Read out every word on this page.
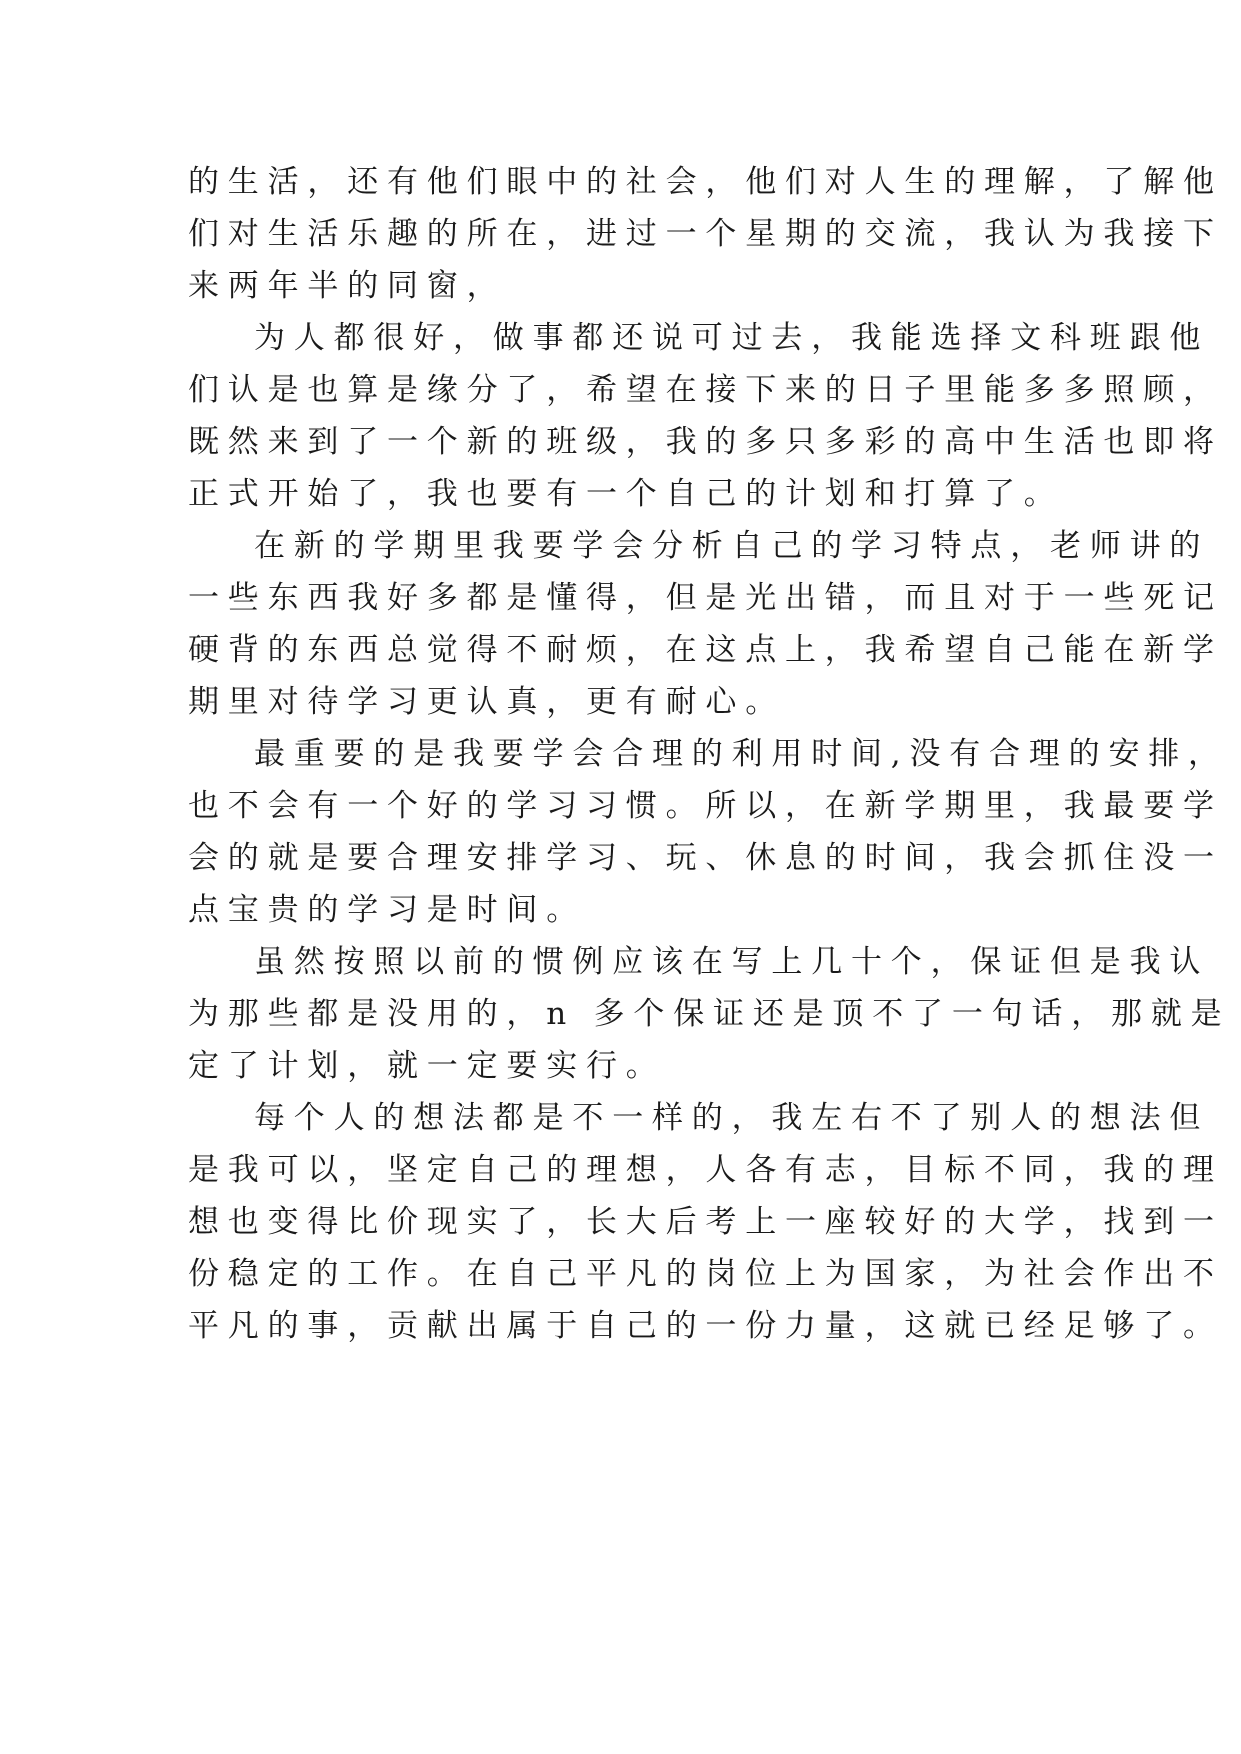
的生活，还有他们眼中的社会，他们对人生的理解，了解他
们对生活乐趣的所在，进过一个星期的交流，我认为我接下
来两年半的同窗，
为人都很好，做事都还说可过去，我能选择文科班跟他
们认是也算是缘分了，希望在接下来的日子里能多多照顾，
既然来到了一个新的班级，我的多只多彩的高中生活也即将
正式开始了，我也要有一个自己的计划和打算了。
在新的学期里我要学会分析自己的学习特点，老师讲的
一些东西我好多都是懂得，但是光出错，而且对于一些死记
硬背的东西总觉得不耐烦，在这点上，我希望自己能在新学
期里对待学习更认真，更有耐心。
最重要的是我要学会合理的利用时间,没有合理的安排，
也不会有一个好的学习习惯。所以，在新学期里，我最要学
会的就是要合理安排学习、玩、休息的时间，我会抓住没一
点宝贵的学习是时间。
虽然按照以前的惯例应该在写上几十个，保证但是我认
为那些都是没用的，n 多个保证还是顶不了一句话，那就是
定了计划，就一定要实行。
每个人的想法都是不一样的，我左右不了别人的想法但
是我可以，坚定自己的理想，人各有志，目标不同，我的理
想也变得比价现实了，长大后考上一座较好的大学，找到一
份稳定的工作。在自己平凡的岗位上为国家，为社会作出不
平凡的事，贡献出属于自己的一份力量，这就已经足够了。
